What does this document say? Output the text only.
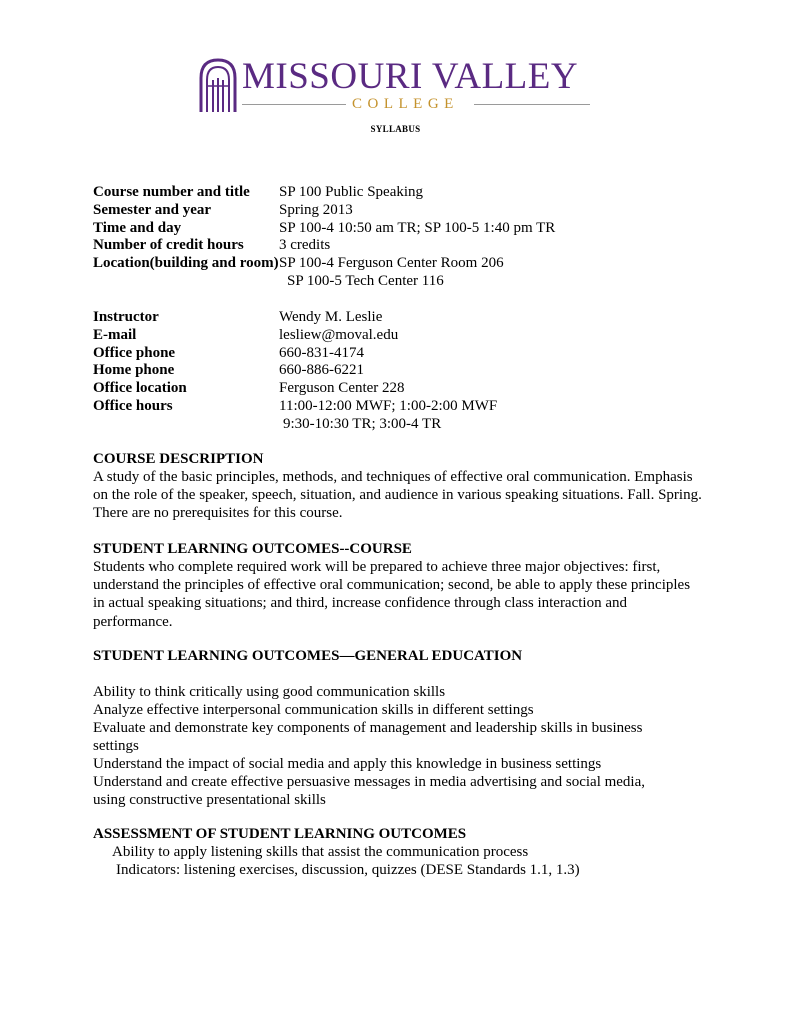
MISSOURI VALLEY
COLLEGE
SYLLABUS
Course number and title SP 100 Public Speaking
Semester and year	Spring 2013
Time and day	SP 100-4 10:50 am TR; SP 100-5 1:40 pm TR
Number of credit hours 3 credits
Location(building and room) SP 100-4 Ferguson Center Room 206
SP 100-5 Tech Center 116
Instructor	Wendy M. Leslie
E-mail	lesliew@moval.edu
Office phone	660-831-4174
Home phone	660-886-6221
Office location	Ferguson Center 228
Office hours	11:00-12:00 MWF; 1:00-2:00 MWF
9:30-10:30 TR; 3:00-4 TR
COURSE DESCRIPTION
A study of the basic principles, methods, and techniques of effective oral communication. Emphasis on the role of the speaker, speech, situation, and audience in various speaking situations. Fall. Spring. There are no prerequisites for this course.
STUDENT LEARNING OUTCOMES--COURSE
Students who complete required work will be prepared to achieve three major objectives: first, understand the principles of effective oral communication; second, be able to apply these principles in actual speaking situations; and third, increase confidence through class interaction and performance.
STUDENT LEARNING OUTCOMES—GENERAL EDUCATION
Ability to think critically using good communication skills
Analyze effective interpersonal communication skills in different settings
Evaluate and demonstrate key components of management and leadership skills in business
settings
Understand the impact of social media and apply this knowledge in business settings
Understand and create effective persuasive messages in media advertising and social media,
using constructive presentational skills
ASSESSMENT OF STUDENT LEARNING OUTCOMES
Ability to apply listening skills that assist the communication process
Indicators: listening exercises, discussion, quizzes (DESE Standards 1.1, 1.3)
